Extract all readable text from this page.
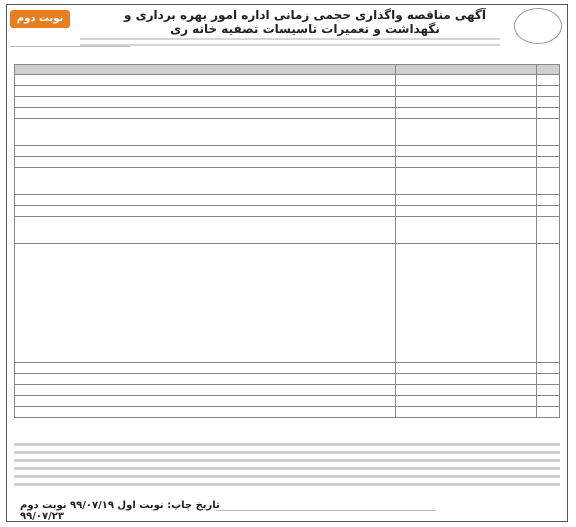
نوبت دوم	آگهی مناقصه واگذاری حجمی زمانی اداره امور بهره برداری و نگهداشت و تعمیرات تاسیسات تصفیه خانه ری

تاریخ چاپ: نوبت اول ۹۹/۰۷/۱۹ نوبت دوم ۹۹/۰۷/۲۳
